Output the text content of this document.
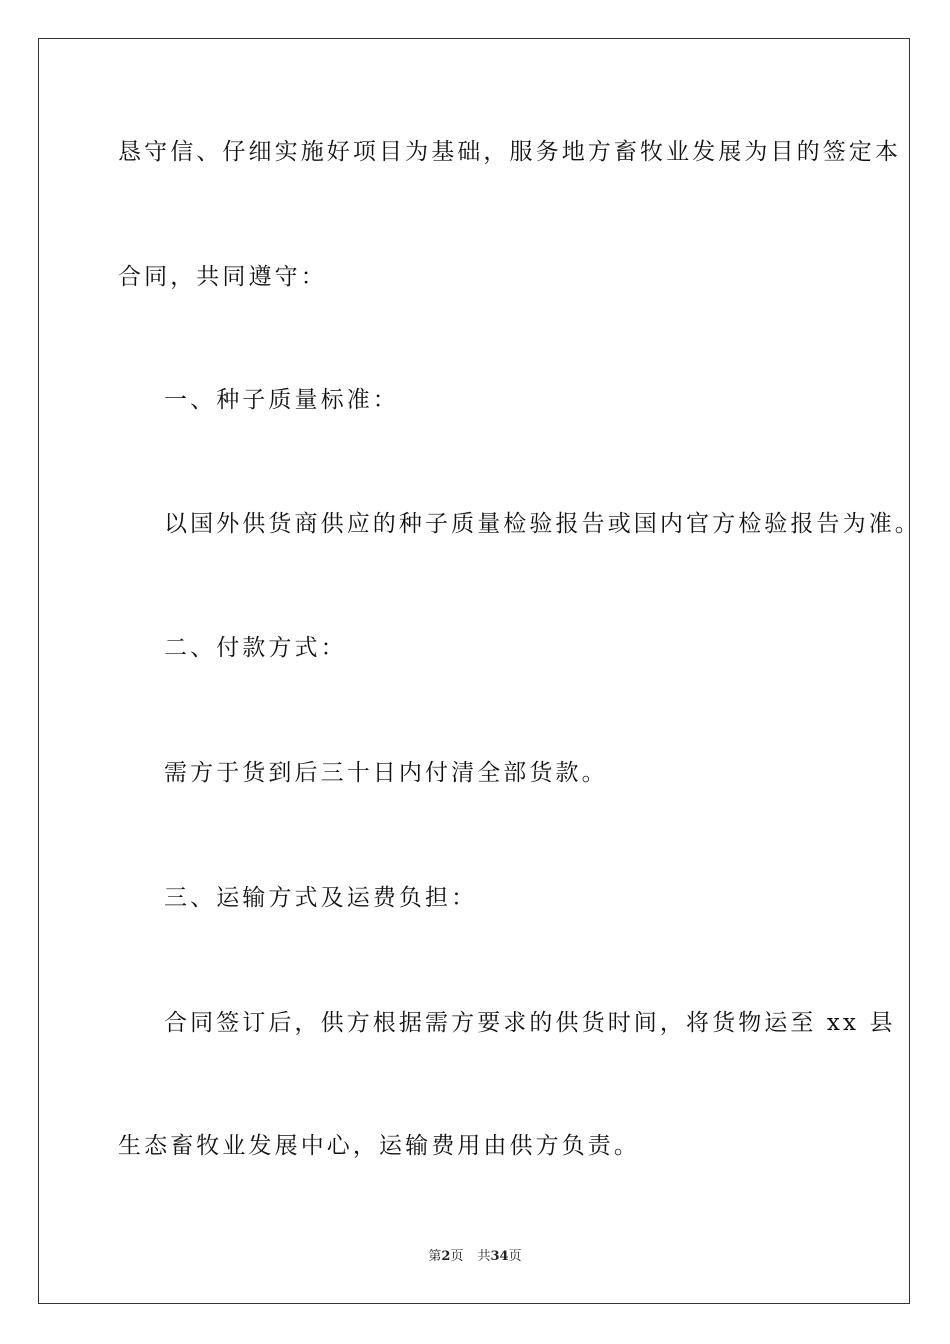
恳守信、仔细实施好项目为基础，服务地方畜牧业发展为目的签定本
合同，共同遵守：
一、种子质量标准：
以国外供货商供应的种子质量检验报告或国内官方检验报告为准。
二、付款方式：
需方于货到后三十日内付清全部货款。
三、运输方式及运费负担：
合同签订后，供方根据需方要求的供货时间，将货物运至 xx 县
生态畜牧业发展中心，运输费用由供方负责。
第2页 共34页
